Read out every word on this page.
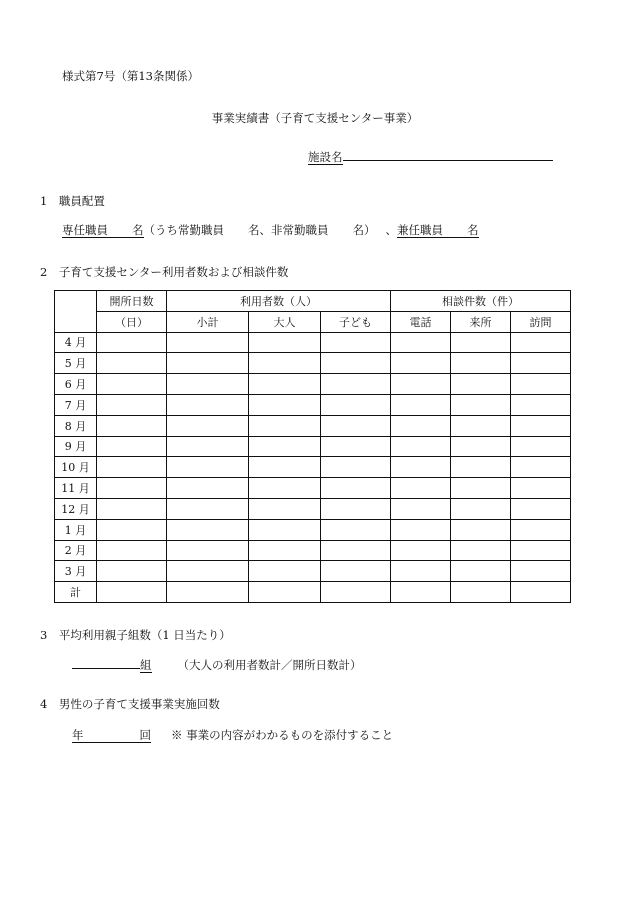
様式第7号（第13条関係）
事業実績書（子育て支援センター事業）
施設名
1　職員配置
専任職員 名（うち常勤職員 名、非常勤職員 名） 、兼任職員 名
2　子育て支援センター利用者数および相談件数
	開所日数	利用者数（人）			相談件数（件）		
	（日）	小計	大人	子ども	電話	来所	訪問
4 月							
5 月							
6 月							
7 月							
8 月							
9 月							
10 月							
11 月							
12 月							
1 月							
2 月							
3 月							
計							
3　平均利用親子組数（1 日当たり）
組 （大人の利用者数計／開所日数計）
4　男性の子育て支援事業実施回数
年	回 ※ 事業の内容がわかるものを添付すること
